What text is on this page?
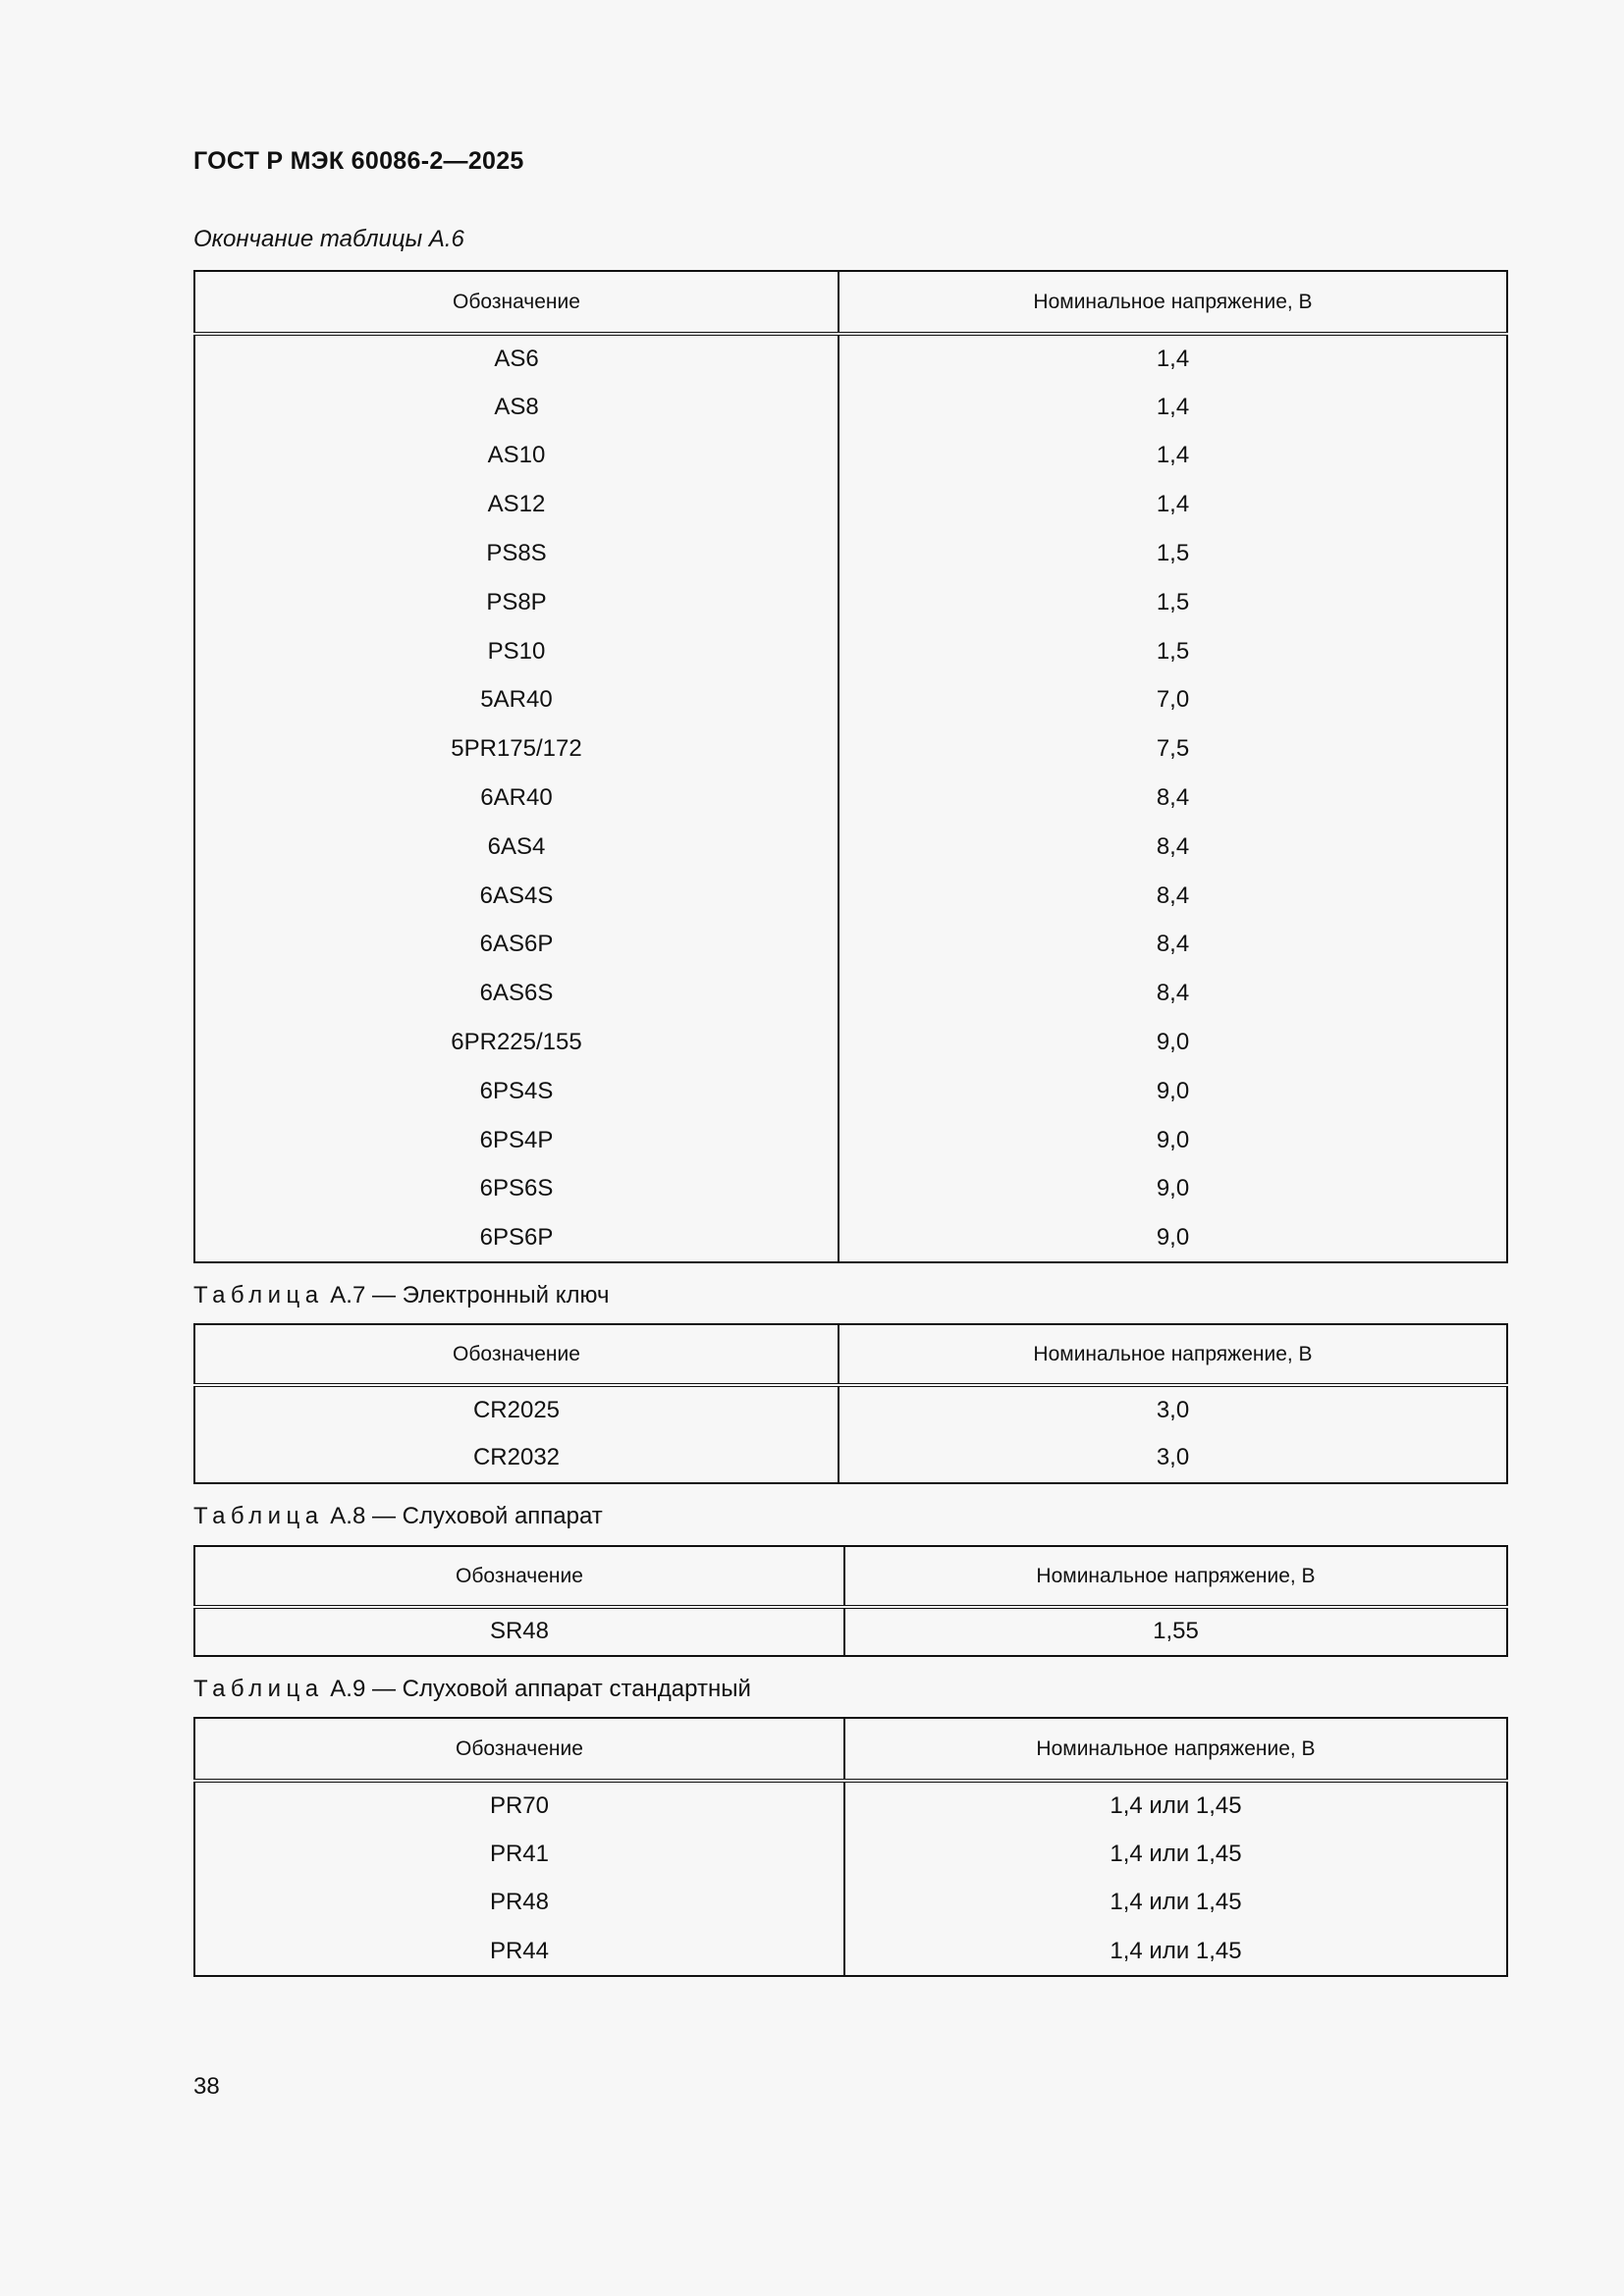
ГОСТ Р МЭК 60086-2—2025
Окончание таблицы А.6
Обозначение	Номинальное напряжение, В
AS6	1,4
AS8	1,4
AS10	1,4
AS12	1,4
PS8S	1,5
PS8P	1,5
PS10	1,5
5AR40	7,0
5PR175/172	7,5
6AR40	8,4
6AS4	8,4
6AS4S	8,4
6AS6P	8,4
6AS6S	8,4
6PR225/155	9,0
6PS4S	9,0
6PS4P	9,0
6PS6S	9,0
6PS6P	9,0
Таблица А.7 — Электронный ключ
Обозначение	Номинальное напряжение, В
CR2025	3,0
CR2032	3,0
Таблица А.8 — Слуховой аппарат
Обозначение	Номинальное напряжение, В
SR48	1,55
Таблица А.9 — Слуховой аппарат стандартный
Обозначение	Номинальное напряжение, В
PR70	1,4 или 1,45
PR41	1,4 или 1,45
PR48	1,4 или 1,45
PR44	1,4 или 1,45
38
